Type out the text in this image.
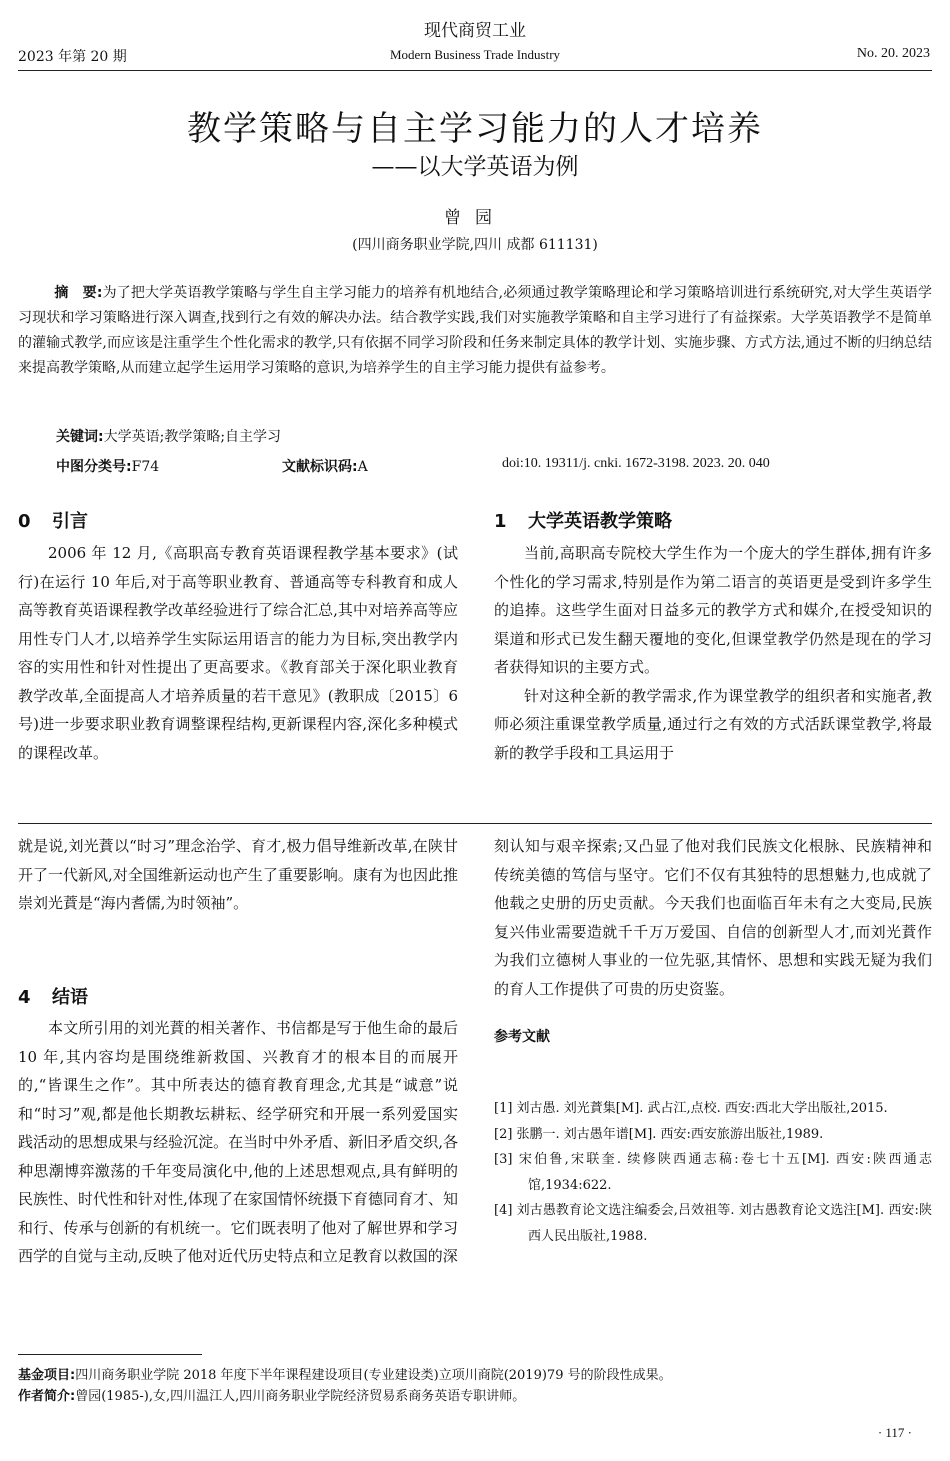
现代商贸工业
2023 年第 20 期	Modern Business Trade Industry	No. 20. 2023
教学策略与自主学习能力的人才培养
——以大学英语为例
曾园
(四川商务职业学院,四川 成都 611131)
摘　要:为了把大学英语教学策略与学生自主学习能力的培养有机地结合,必须通过教学策略理论和学习策略培训进行系统研究,对大学生英语学习现状和学习策略进行深入调查,找到行之有效的解决办法。结合教学实践,我们对实施教学策略和自主学习进行了有益探索。大学英语教学不是简单的灌输式教学,而应该是注重学生个性化需求的教学,只有依据不同学习阶段和任务来制定具体的教学计划、实施步骤、方式方法,通过不断的归纳总结来提高教学策略,从而建立起学生运用学习策略的意识,为培养学生的自主学习能力提供有益参考。
关键词:大学英语;教学策略;自主学习
中图分类号:F74	文献标识码:A	doi:10. 19311/j. cnki. 1672-3198. 2023. 20. 040
0 引言

2006 年 12 月,《高职高专教育英语课程教学基本要求》(试行)在运行 10 年后,对于高等职业教育、普通高等专科教育和成人高等教育英语课程教学改革经验进行了综合汇总,其中对培养高等应用性专门人才,以培养学生实际运用语言的能力为目标,突出教学内容的实用性和针对性提出了更高要求。《教育部关于深化职业教育教学改革,全面提高人才培养质量的若干意见》(教职成〔2015〕6 号)进一步要求职业教育调整课程结构,更新课程内容,深化多种模式的课程改革。

1 大学英语教学策略

当前,高职高专院校大学生作为一个庞大的学生群体,拥有许多个性化的学习需求,特别是作为第二语言的英语更是受到许多学生的追捧。这些学生面对日益多元的教学方式和媒介,在授受知识的渠道和形式已发生翻天覆地的变化,但课堂教学仍然是现在的学习者获得知识的主要方式。

针对这种全新的教学需求,作为课堂教学的组织者和实施者,教师必须注重课堂教学质量,通过行之有效的方式活跃课堂教学,将最新的教学手段和工具运用于

就是说,刘光蕡以“时习”理念治学、育才,极力倡导维新改革,在陕甘开了一代新风,对全国维新运动也产生了重要影响。康有为也因此推崇刘光蕡是“海内耆儒,为时领袖”。

4 结语

本文所引用的刘光蕡的相关著作、书信都是写于他生命的最后 10 年,其内容均是围绕维新救国、兴教育才的根本目的而展开的,“皆课生之作”。其中所表达的德育教育理念,尤其是“诚意”说和“时习”观,都是他长期教坛耕耘、经学研究和开展一系列爱国实践活动的思想成果与经验沉淀。在当时中外矛盾、新旧矛盾交织,各种思潮博弈激荡的千年变局演化中,他的上述思想观点,具有鲜明的民族性、时代性和针对性,体现了在家国情怀统摄下育德同育才、知和行、传承与创新的有机统一。它们既表明了他对了解世界和学习西学的自觉与主动,反映了他对近代历史特点和立足教育以救国的深

刻认知与艰辛探索;又凸显了他对我们民族文化根脉、民族精神和传统美德的笃信与坚守。它们不仅有其独特的思想魅力,也成就了他载之史册的历史贡献。今天我们也面临百年未有之大变局,民族复兴伟业需要造就千千万万爱国、自信的创新型人才,而刘光蕡作为我们立德树人事业的一位先驱,其情怀、思想和实践无疑为我们的育人工作提供了可贵的历史资鉴。

参考文献
[1] 刘古愚. 刘光蕡集[M]. 武占江,点校. 西安:西北大学出版社,2015.
[2] 张鹏一. 刘古愚年谱[M]. 西安:西安旅游出版社,1989.
[3] 宋伯鲁,宋联奎. 续修陕西通志稿:卷七十五[M]. 西安:陕西通志馆,1934:622.
[4] 刘古愚教育论文选注编委会,吕效祖等. 刘古愚教育论文选注[M]. 西安:陕西人民出版社,1988.
基金项目:四川商务职业学院 2018 年度下半年课程建设项目(专业建设类)立项川商院(2019)79 号的阶段性成果。
作者简介:曾园(1985-),女,四川温江人,四川商务职业学院经济贸易系商务英语专职讲师。
· 117 ·
